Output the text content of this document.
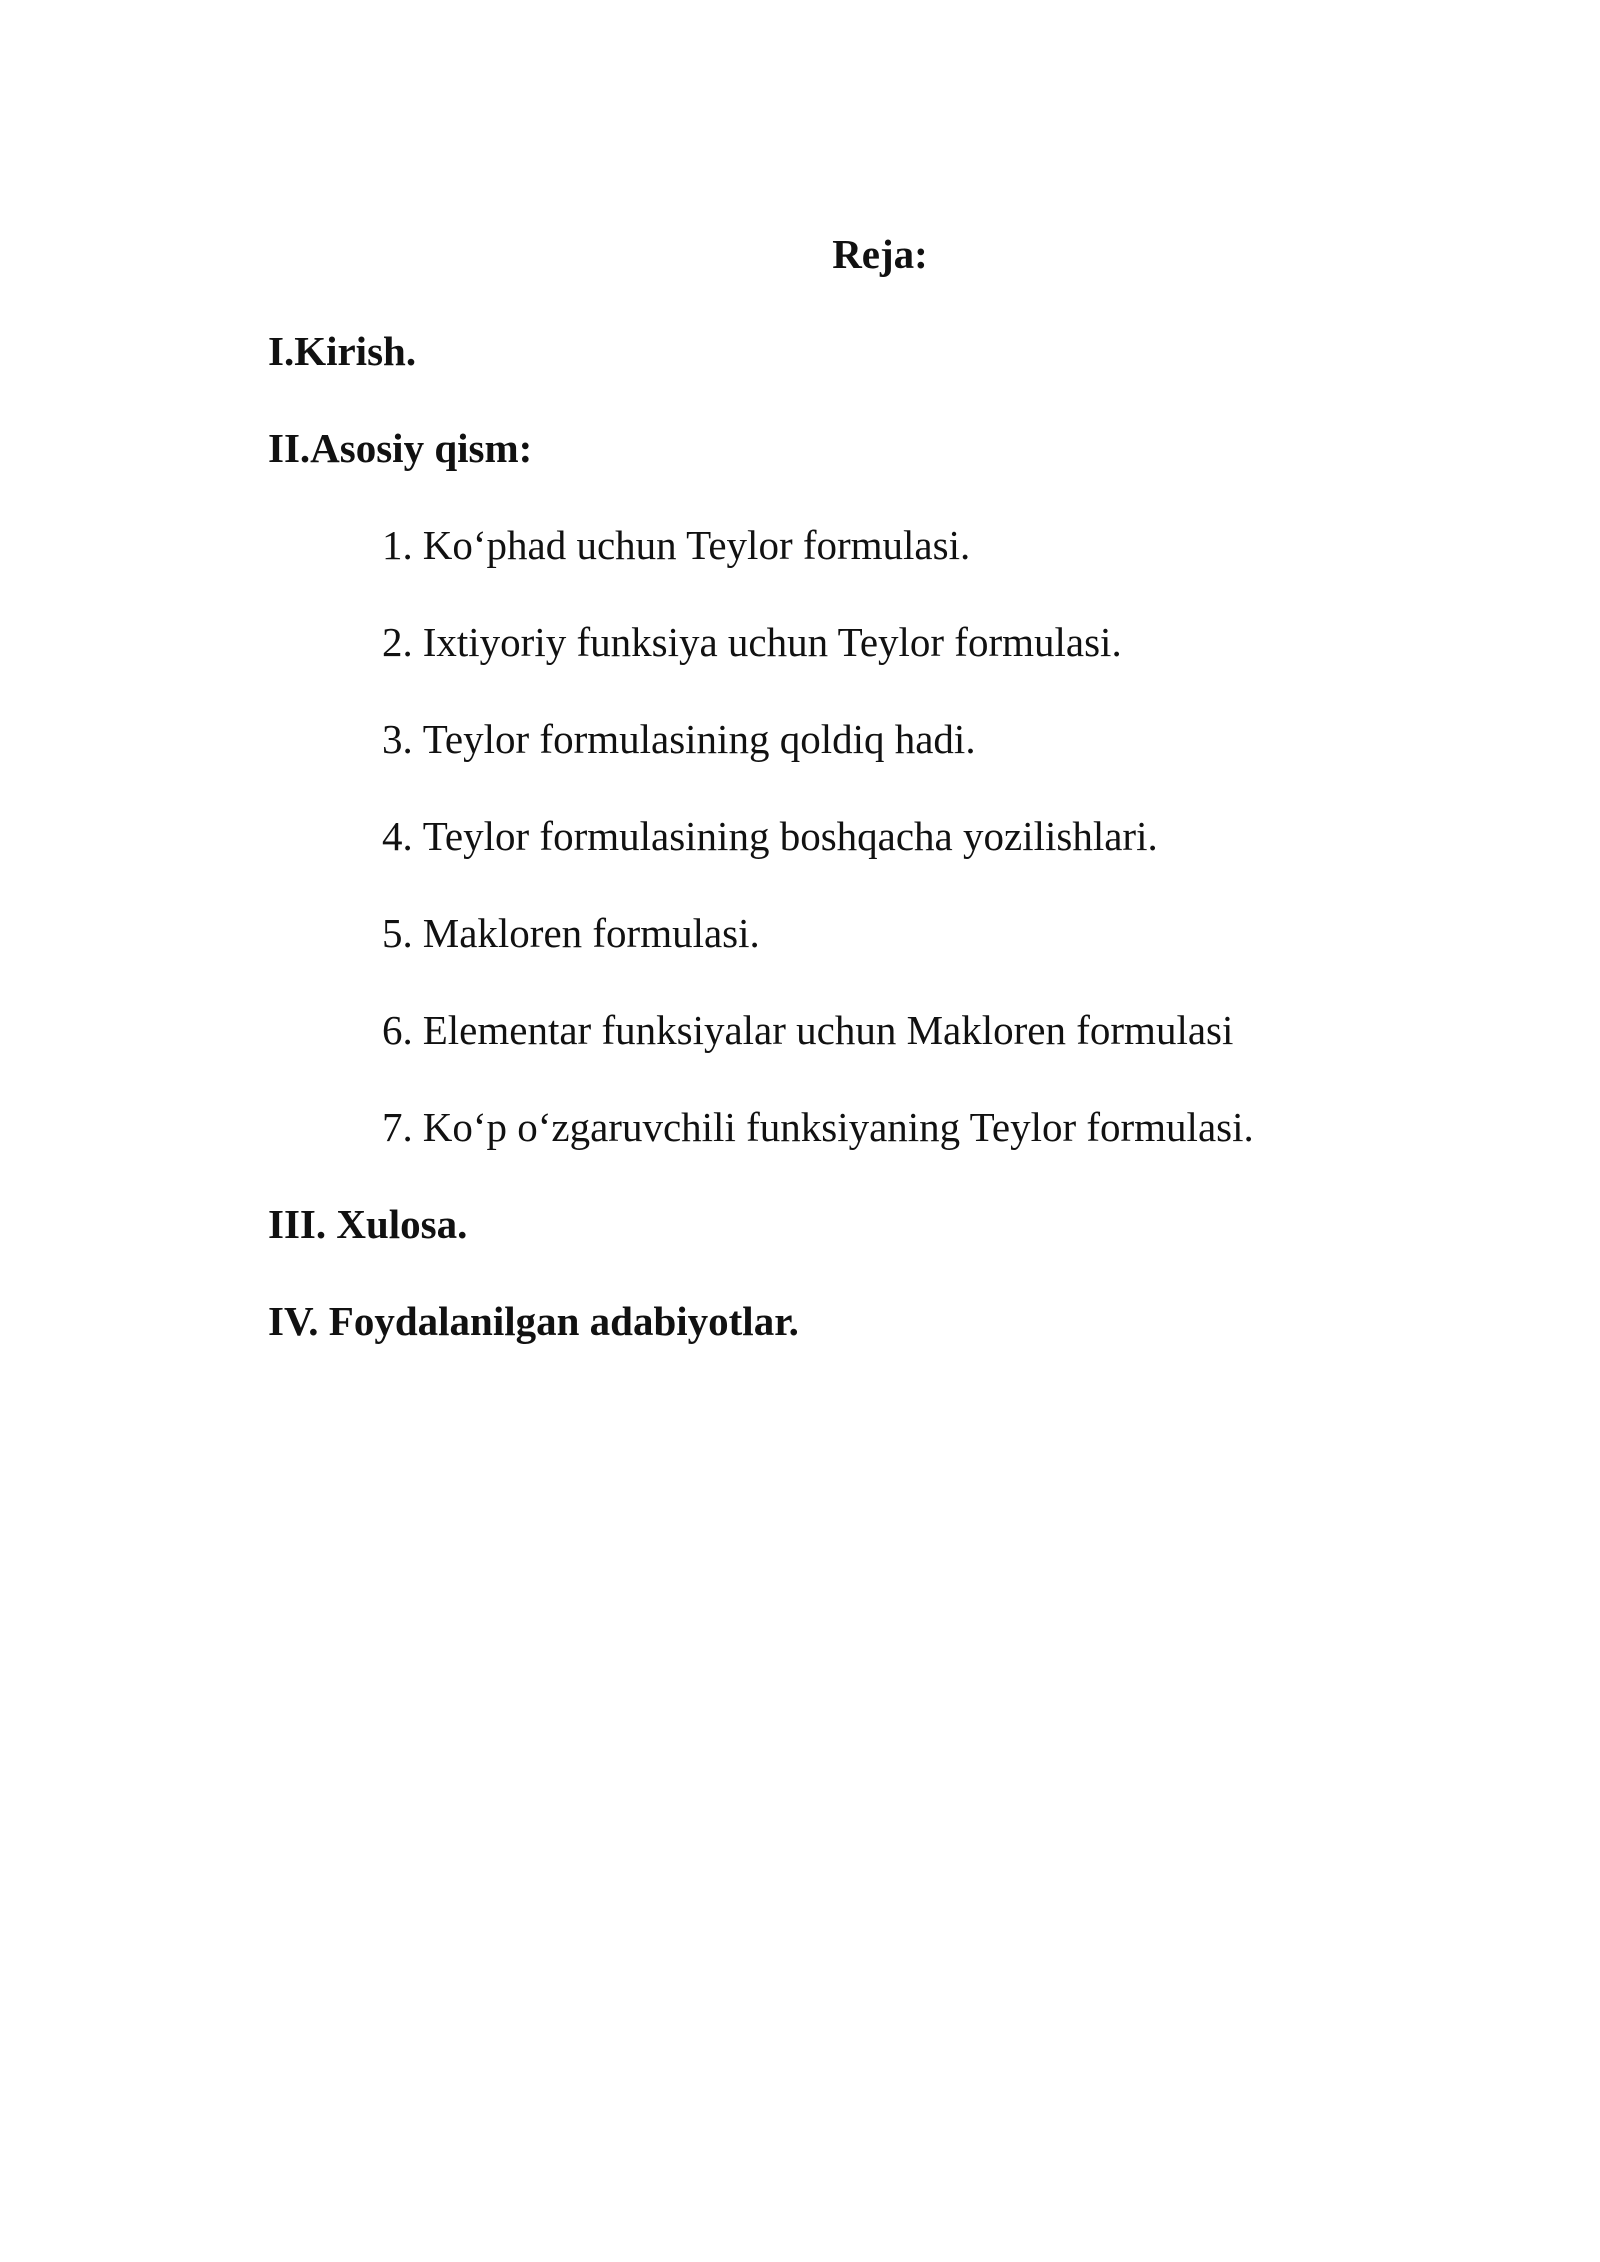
Reja:
I.Kirish.
II.Asosiy qism:
1. Ko‘phad uchun Teylor formulasi.
2. Ixtiyoriy funksiya uchun Teylor formulasi.
3. Teylor formulasining qoldiq hadi.
4. Teylor formulasining boshqacha yozilishlari.
5. Makloren formulasi.
6. Elementar funksiyalar uchun Makloren formulasi
7. Ko‘p o‘zgaruvchili funksiyaning Teylor formulasi.
III. Xulosa.
IV. Foydalanilgan adabiyotlar.
